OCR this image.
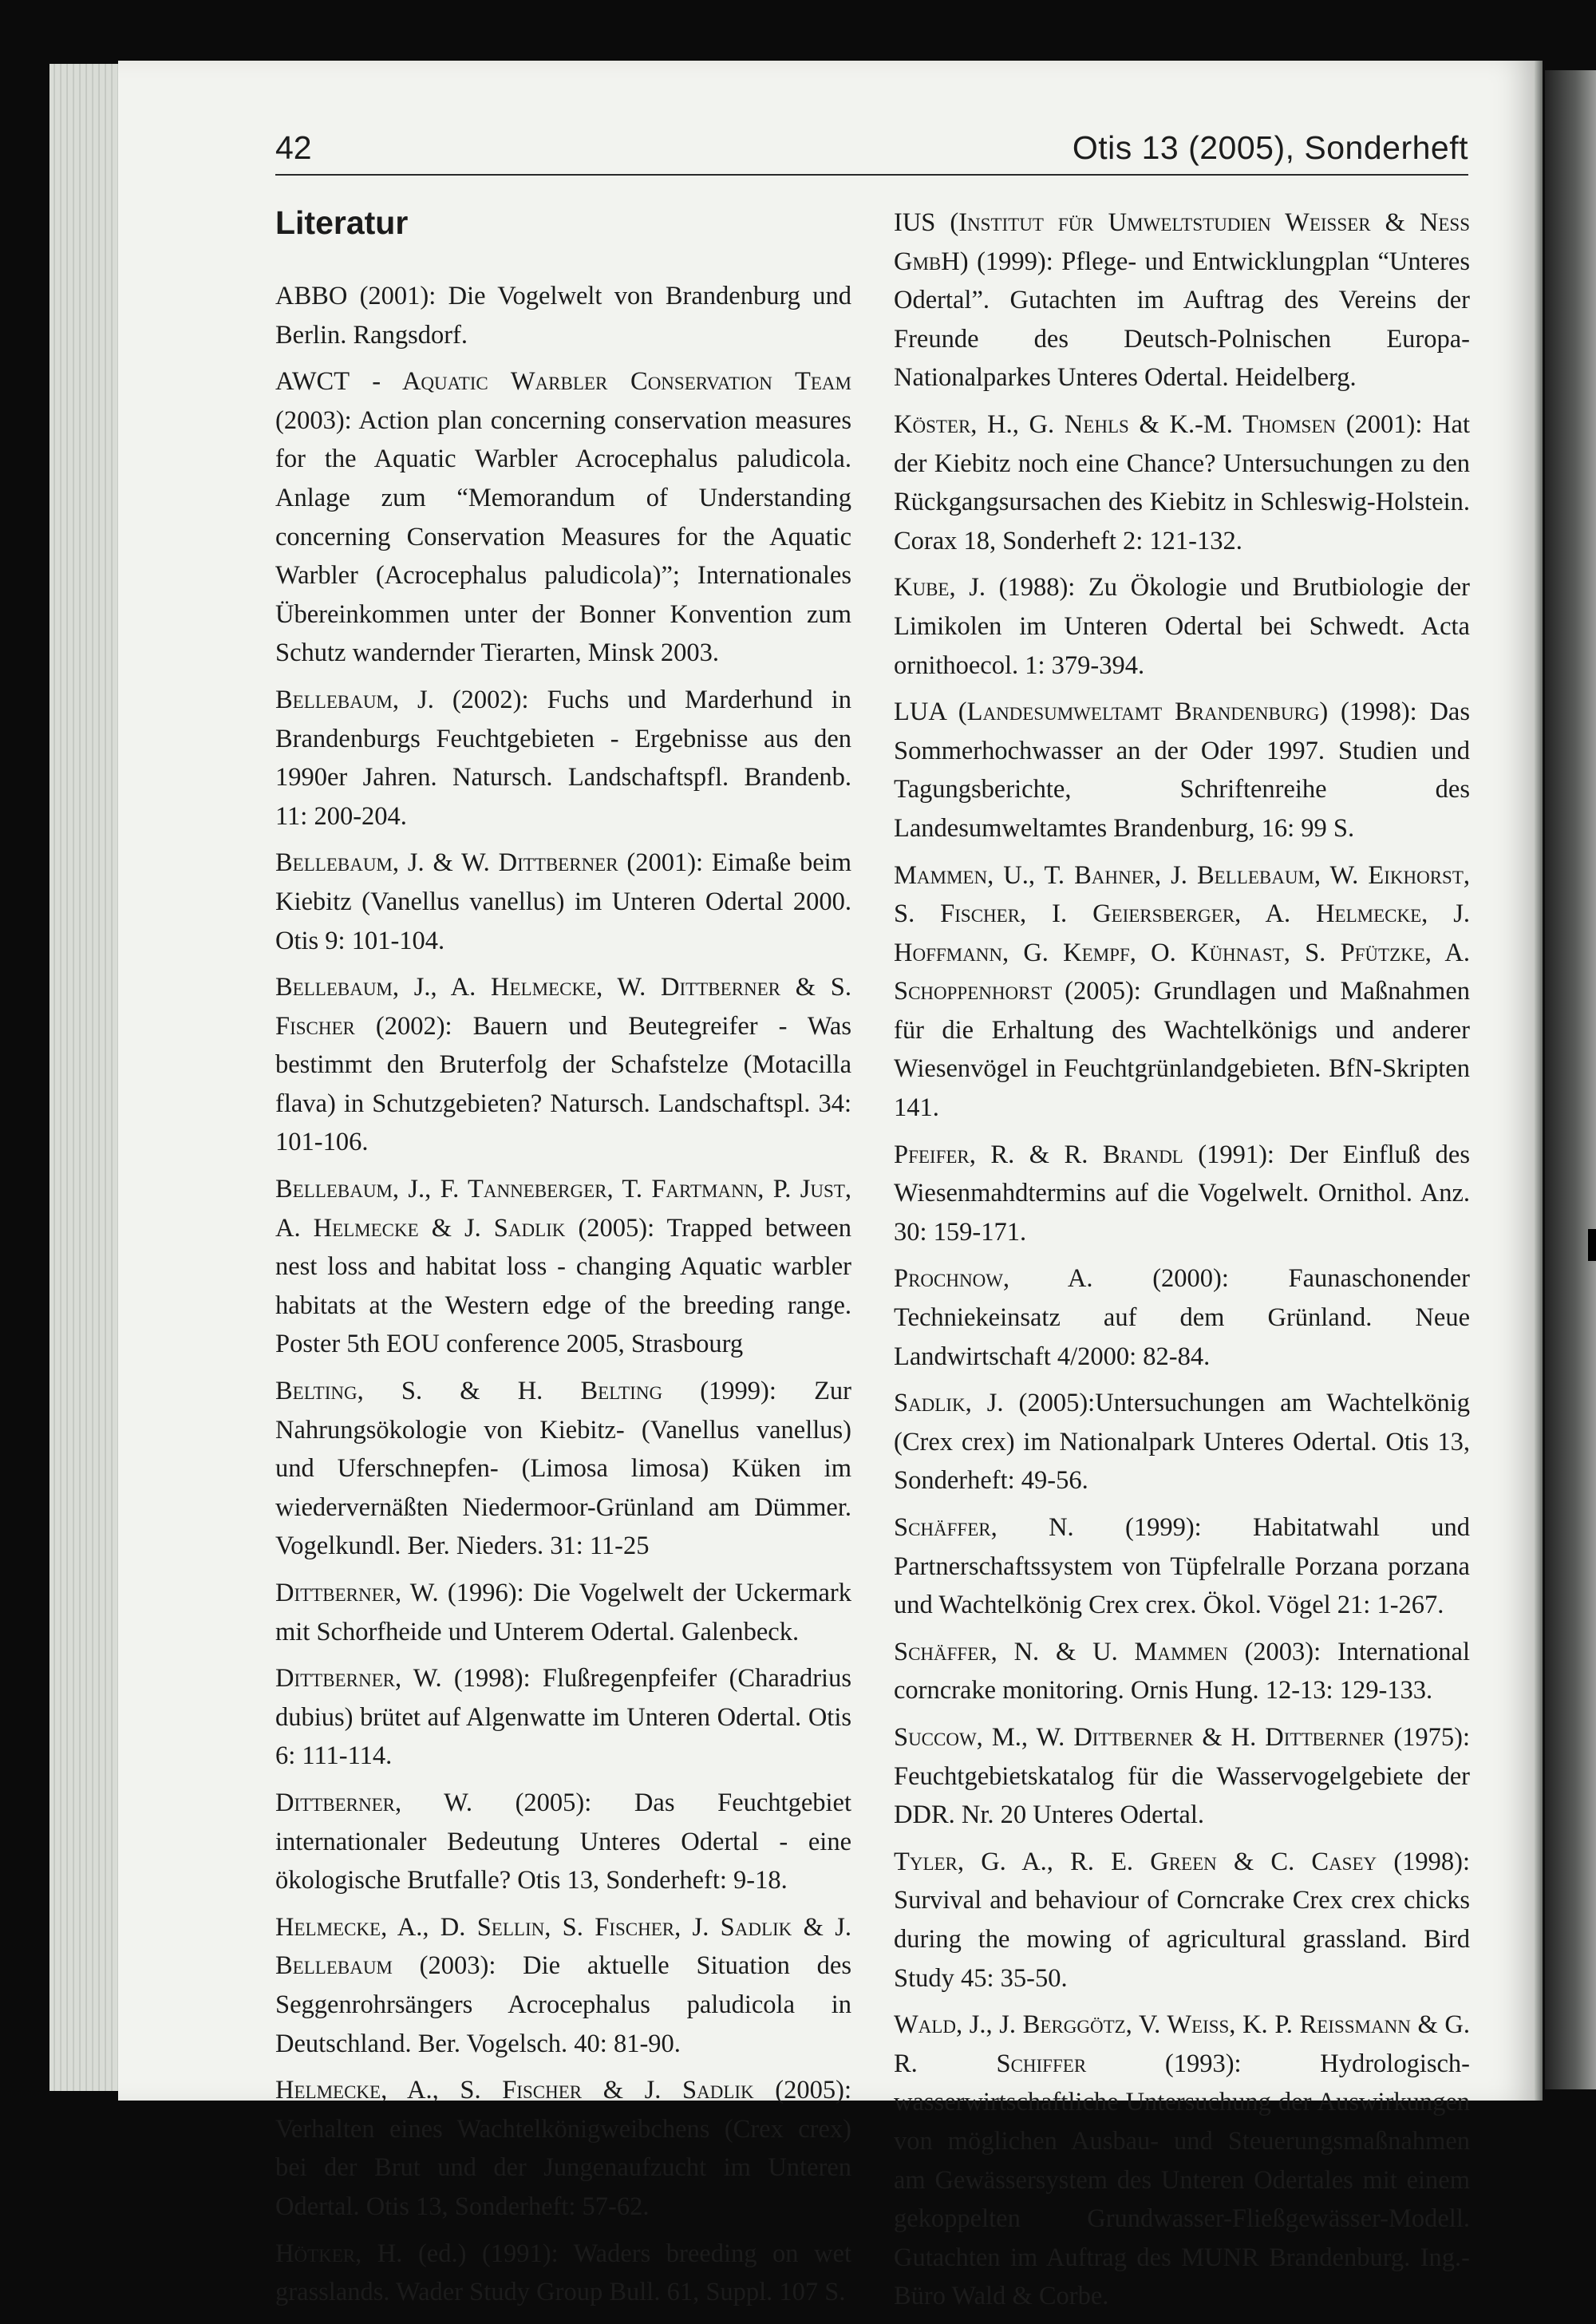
42	Otis 13 (2005), Sonderheft
Literatur
ABBO (2001): Die Vogelwelt von Brandenburg und Berlin. Rangsdorf.
AWCT - Aquatic Warbler Conservation Team (2003): Action plan concerning conservation measures for the Aquatic Warbler Acrocephalus paludicola. Anlage zum “Memorandum of Understanding concerning Conservation Measures for the Aquatic Warbler (Acrocephalus paludicola)”; Internationales Übereinkommen unter der Bonner Konvention zum Schutz wandernder Tierarten, Minsk 2003.
Bellebaum, J. (2002): Fuchs und Marderhund in Brandenburgs Feuchtgebieten - Ergebnisse aus den 1990er Jahren. Natursch. Landschaftspfl. Brandenb. 11: 200-204.
Bellebaum, J. & W. Dittberner (2001): Eimaße beim Kiebitz (Vanellus vanellus) im Unteren Odertal 2000. Otis 9: 101-104.
Bellebaum, J., A. Helmecke, W. Dittberner & S. Fischer (2002): Bauern und Beutegreifer - Was bestimmt den Bruterfolg der Schafstelze (Motacilla flava) in Schutzgebieten? Natursch. Landschaftspl. 34: 101-106.
Bellebaum, J., F. Tanneberger, T. Fartmann, P. Just, A. Helmecke & J. Sadlik (2005): Trapped between nest loss and habitat loss - changing Aquatic warbler habitats at the Western edge of the breeding range. Poster 5th EOU conference 2005, Strasbourg
Belting, S. & H. Belting (1999): Zur Nahrungsökologie von Kiebitz- (Vanellus vanellus) und Uferschnepfen- (Limosa limosa) Küken im wiedervernäßten Niedermoor-Grünland am Dümmer. Vogelkundl. Ber. Nieders. 31: 11-25
Dittberner, W. (1996): Die Vogelwelt der Uckermark mit Schorfheide und Unterem Odertal. Galenbeck.
Dittberner, W. (1998): Flußregenpfeifer (Charadrius dubius) brütet auf Algenwatte im Unteren Odertal. Otis 6: 111-114.
Dittberner, W. (2005): Das Feuchtgebiet internationaler Bedeutung Unteres Odertal - eine ökologische Brutfalle? Otis 13, Sonderheft: 9-18.
Helmecke, A., D. Sellin, S. Fischer, J. Sadlik & J. Bellebaum (2003): Die aktuelle Situation des Seggenrohrsängers Acrocephalus paludicola in Deutschland. Ber. Vogelsch. 40: 81-90.
Helmecke, A., S. Fischer & J. Sadlik (2005): Verhalten eines Wachtelkönigweibchens (Crex crex) bei der Brut und der Jungenaufzucht im Unteren Odertal. Otis 13, Sonderheft: 57-62.
Hötker, H. (ed.) (1991): Waders breeding on wet grasslands. Wader Study Group Bull. 61, Suppl. 107 S.
IUS (Institut für Umweltstudien Weisser & Ness GmbH) (1999): Pflege- und Entwicklungplan “Unteres Odertal”. Gutachten im Auftrag des Vereins der Freunde des Deutsch-Polnischen Europa-Nationalparkes Unteres Odertal. Heidelberg.
Köster, H., G. Nehls & K.-M. Thomsen (2001): Hat der Kiebitz noch eine Chance? Untersuchungen zu den Rückgangsursachen des Kiebitz in Schleswig-Holstein. Corax 18, Sonderheft 2: 121-132.
Kube, J. (1988): Zu Ökologie und Brutbiologie der Limikolen im Unteren Odertal bei Schwedt. Acta ornithoecol. 1: 379-394.
LUA (Landesumweltamt Brandenburg) (1998): Das Sommerhochwasser an der Oder 1997. Studien und Tagungsberichte, Schriftenreihe des Landesumweltamtes Brandenburg, 16: 99 S.
Mammen, U., T. Bahner, J. Bellebaum, W. Eikhorst, S. Fischer, I. Geiersberger, A. Helmecke, J. Hoffmann, G. Kempf, O. Kühnast, S. Pfützke, A. Schoppenhorst (2005): Grundlagen und Maßnahmen für die Erhaltung des Wachtelkönigs und anderer Wiesenvögel in Feuchtgrünlandgebieten. BfN-Skripten 141.
Pfeifer, R. & R. Brandl (1991): Der Einfluß des Wiesenmahdtermins auf die Vogelwelt. Ornithol. Anz. 30: 159-171.
Prochnow, A. (2000): Faunaschonender Techniekeinsatz auf dem Grünland. Neue Landwirtschaft 4/2000: 82-84.
Sadlik, J. (2005):Untersuchungen am Wachtelkönig (Crex crex) im Nationalpark Unteres Odertal. Otis 13, Sonderheft: 49-56.
Schäffer, N. (1999): Habitatwahl und Partnerschaftssystem von Tüpfelralle Porzana porzana und Wachtelkönig Crex crex. Ökol. Vögel 21: 1-267.
Schäffer, N. & U. Mammen (2003): International corncrake monitoring. Ornis Hung. 12-13: 129-133.
Succow, M., W. Dittberner & H. Dittberner (1975): Feuchtgebietskatalog für die Wasservogelgebiete der DDR. Nr. 20 Unteres Odertal.
Tyler, G. A., R. E. Green & C. Casey (1998): Survival and behaviour of Corncrake Crex crex chicks during the mowing of agricultural grassland. Bird Study 45: 35-50.
Wald, J., J. Berggötz, V. Weiß, K. P. Reißmann & G. R. Schiffer (1993): Hydrologisch-wasserwirtschaftliche Untersuchung der Auswirkungen von möglichen Ausbau- und Steuerungsmaßnahmen am Gewässersystem des Unteren Odertales mit einem gekoppelten Grundwasser-Fließgewässer-Modell. Gutachten im Auftrag des MUNR Brandenburg. Ing.-Büro Wald & Corbe.
